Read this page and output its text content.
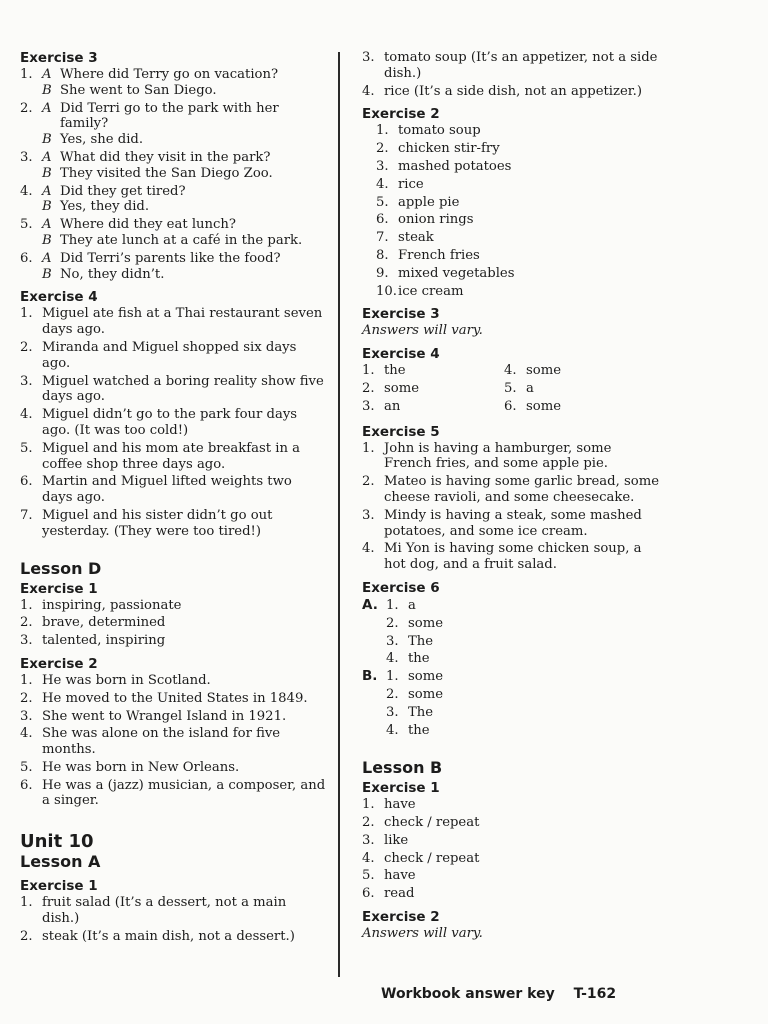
Exercise 3
1. A Where did Terry go on vacation?
B She went to San Diego.
2. A Did Terri go to the park with her family?
B Yes, she did.
3. A What did they visit in the park?
B They visited the San Diego Zoo.
4. A Did they get tired?
B Yes, they did.
5. A Where did they eat lunch?
B They ate lunch at a café in the park.
6. A Did Terri’s parents like the food?
B No, they didn’t.
Exercise 4
1. Miguel ate fish at a Thai restaurant seven days ago.
2. Miranda and Miguel shopped six days ago.
3. Miguel watched a boring reality show five days ago.
4. Miguel didn’t go to the park four days ago. (It was too cold!)
5. Miguel and his mom ate breakfast in a coffee shop three days ago.
6. Martin and Miguel lifted weights two days ago.
7. Miguel and his sister didn’t go out yesterday. (They were too tired!)
Lesson D
Exercise 1
1. inspiring, passionate
2. brave, determined
3. talented, inspiring
Exercise 2
1. He was born in Scotland.
2. He moved to the United States in 1849.
3. She went to Wrangel Island in 1921.
4. She was alone on the island for five months.
5. He was born in New Orleans.
6. He was a (jazz) musician, a composer, and a singer.
Unit 10
Lesson A
Exercise 1
1. fruit salad (It’s a dessert, not a main dish.)
2. steak (It’s a main dish, not a dessert.)
3. tomato soup (It’s an appetizer, not a side dish.)
4. rice (It’s a side dish, not an appetizer.)
Exercise 2
1. tomato soup
2. chicken stir-fry
3. mashed potatoes
4. rice
5. apple pie
6. onion rings
7. steak
8. French fries
9. mixed vegetables
10. ice cream
Exercise 3
Answers will vary.
Exercise 4
1. the	4. some
2. some	5. a
3. an	6. some
Exercise 5
1. John is having a hamburger, some French fries, and some apple pie.
2. Mateo is having some garlic bread, some cheese ravioli, and some cheesecake.
3. Mindy is having a steak, some mashed potatoes, and some ice cream.
4. Mi Yon is having some chicken soup, a hot dog, and a fruit salad.
Exercise 6
A. 1. a
2. some
3. The
4. the
B. 1. some
2. some
3. The
4. the
Lesson B
Exercise 1
1. have
2. check / repeat
3. like
4. check / repeat
5. have
6. read
Exercise 2
Answers will vary.
Workbook answer key T-162
